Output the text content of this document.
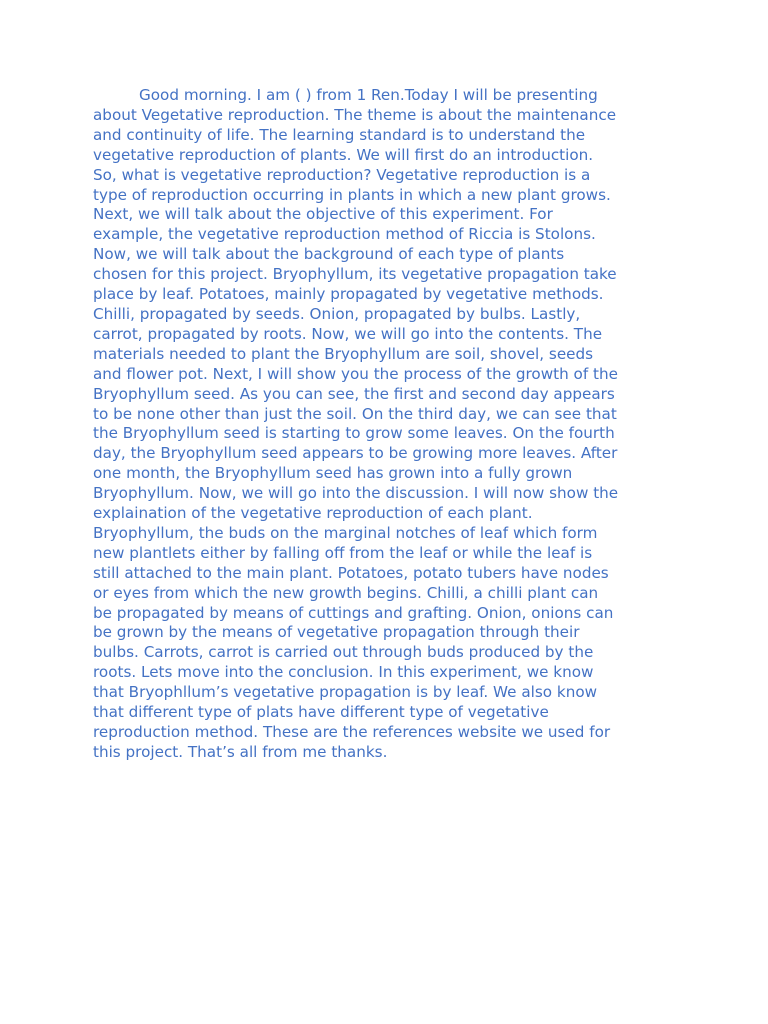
Good morning. I am ( ) from 1 Ren.Today I will be presenting
about Vegetative reproduction. The theme is about the maintenance
and continuity of life. The learning standard is to understand the
vegetative reproduction of plants. We will first do an introduction.
So, what is vegetative reproduction? Vegetative reproduction is a
type of reproduction occurring in plants in which a new plant grows.
Next, we will talk about the objective of this experiment. For
example, the vegetative reproduction method of Riccia is Stolons.
Now, we will talk about the background of each type of plants
chosen for this project. Bryophyllum, its vegetative propagation take
place by leaf. Potatoes, mainly propagated by vegetative methods.
Chilli, propagated by seeds. Onion, propagated by bulbs. Lastly,
carrot, propagated by roots. Now, we will go into the contents. The
materials needed to plant the Bryophyllum are soil, shovel, seeds
and flower pot. Next, I will show you the process of the growth of the
Bryophyllum seed. As you can see, the first and second day appears
to be none other than just the soil. On the third day, we can see that
the Bryophyllum seed is starting to grow some leaves. On the fourth
day, the Bryophyllum seed appears to be growing more leaves. After
one month, the Bryophyllum seed has grown into a fully grown
Bryophyllum. Now, we will go into the discussion. I will now show the
explaination of the vegetative reproduction of each plant.
Bryophyllum, the buds on the marginal notches of leaf which form
new plantlets either by falling off from the leaf or while the leaf is
still attached to the main plant. Potatoes, potato tubers have nodes
or eyes from which the new growth begins. Chilli, a chilli plant can
be propagated by means of cuttings and grafting. Onion, onions can
be grown by the means of vegetative propagation through their
bulbs. Carrots, carrot is carried out through buds produced by the
roots. Lets move into the conclusion. In this experiment, we know
that Bryophllum’s vegetative propagation is by leaf. We also know
that different type of plats have different type of vegetative
reproduction method. These are the references website we used for
this project. That’s all from me thanks.
